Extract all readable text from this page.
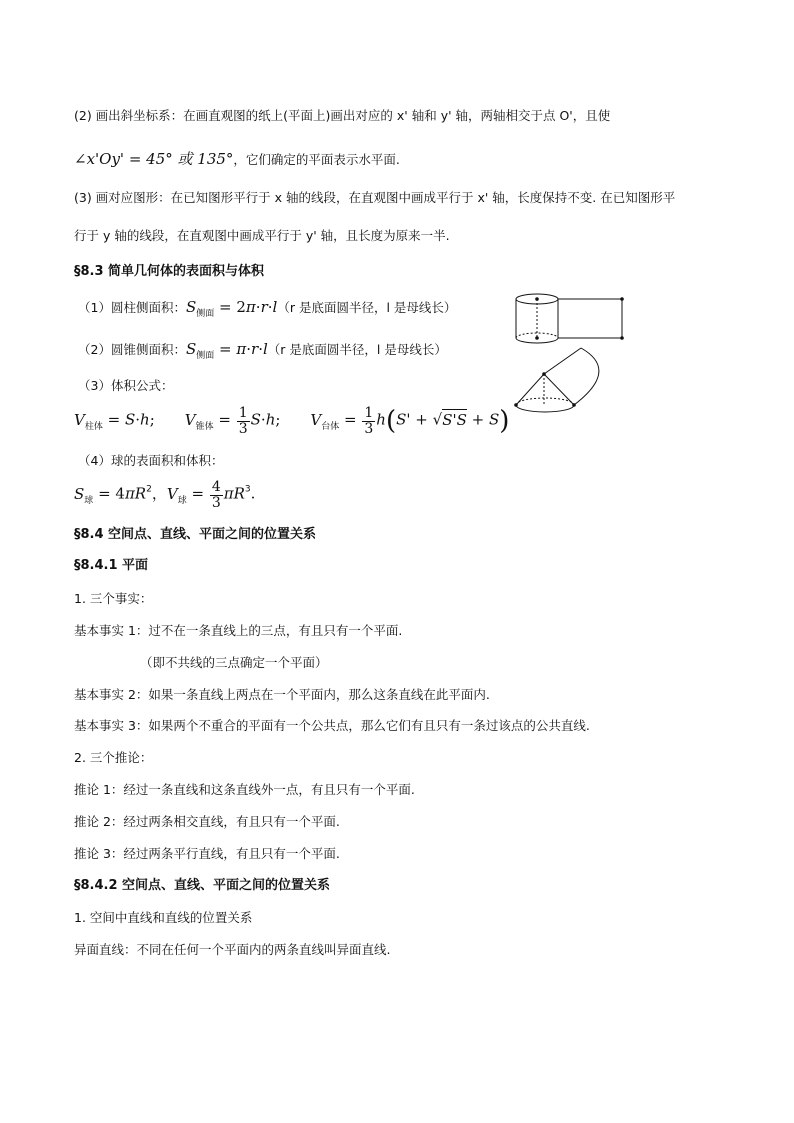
(2) 画出斜坐标系：在画直观图的纸上(平面上)画出对应的 x' 轴和 y' 轴，两轴相交于点 O'，且使
∠x'Oy' = 45° 或 135°，它们确定的平面表示水平面.
(3) 画对应图形：在已知图形平行于 x 轴的线段，在直观图中画成平行于 x' 轴，长度保持不变. 在已知图形平
行于 y 轴的线段，在直观图中画成平行于 y' 轴，且长度为原来一半.
§8.3 简单几何体的表面积与体积
（1）圆柱侧面积：$S_{侧面} = 2\pi\cdot r\cdot l(r$ 是底面圆半径，l 是母线长）
（2）圆锥侧面积：$S_{侧面} = \pi\cdot r\cdot l(r$ 是底面圆半径，l 是母线长）
（3）体积公式：
$V_{柱体} = S\cdot h$; $V_{锥体} = \frac{1}{3} S\cdot h$; $V_{台体} = \frac{1}{3} h(S' + √S'S + S)$
（4）球的表面积和体积：
$S_球 = 4\pi R^2$，$V_球 = \frac{4}{3} \pi R^3$.
§8.4 空间点、直线、平面之间的位置关系
§8.4.1 平面
1. 三个事实：
基本事实 1：过不在一条直线上的三点，有且只有一个平面.
（即不共线的三点确定一个平面）
基本事实 2：如果一条直线上两点在一个平面内，那么这条直线在此平面内.
基本事实 3：如果两个不重合的平面有一个公共点，那么它们有且只有一条过该点的公共直线.
2. 三个推论：
推论 1：经过一条直线和这条直线外一点，有且只有一个平面.
推论 2：经过两条相交直线，有且只有一个平面.
推论 3：经过两条平行直线，有且只有一个平面.
§8.4.2 空间点、直线、平面之间的位置关系
1. 空间中直线和直线的位置关系
异面直线：不同在任何一个平面内的两条直线叫异面直线.
